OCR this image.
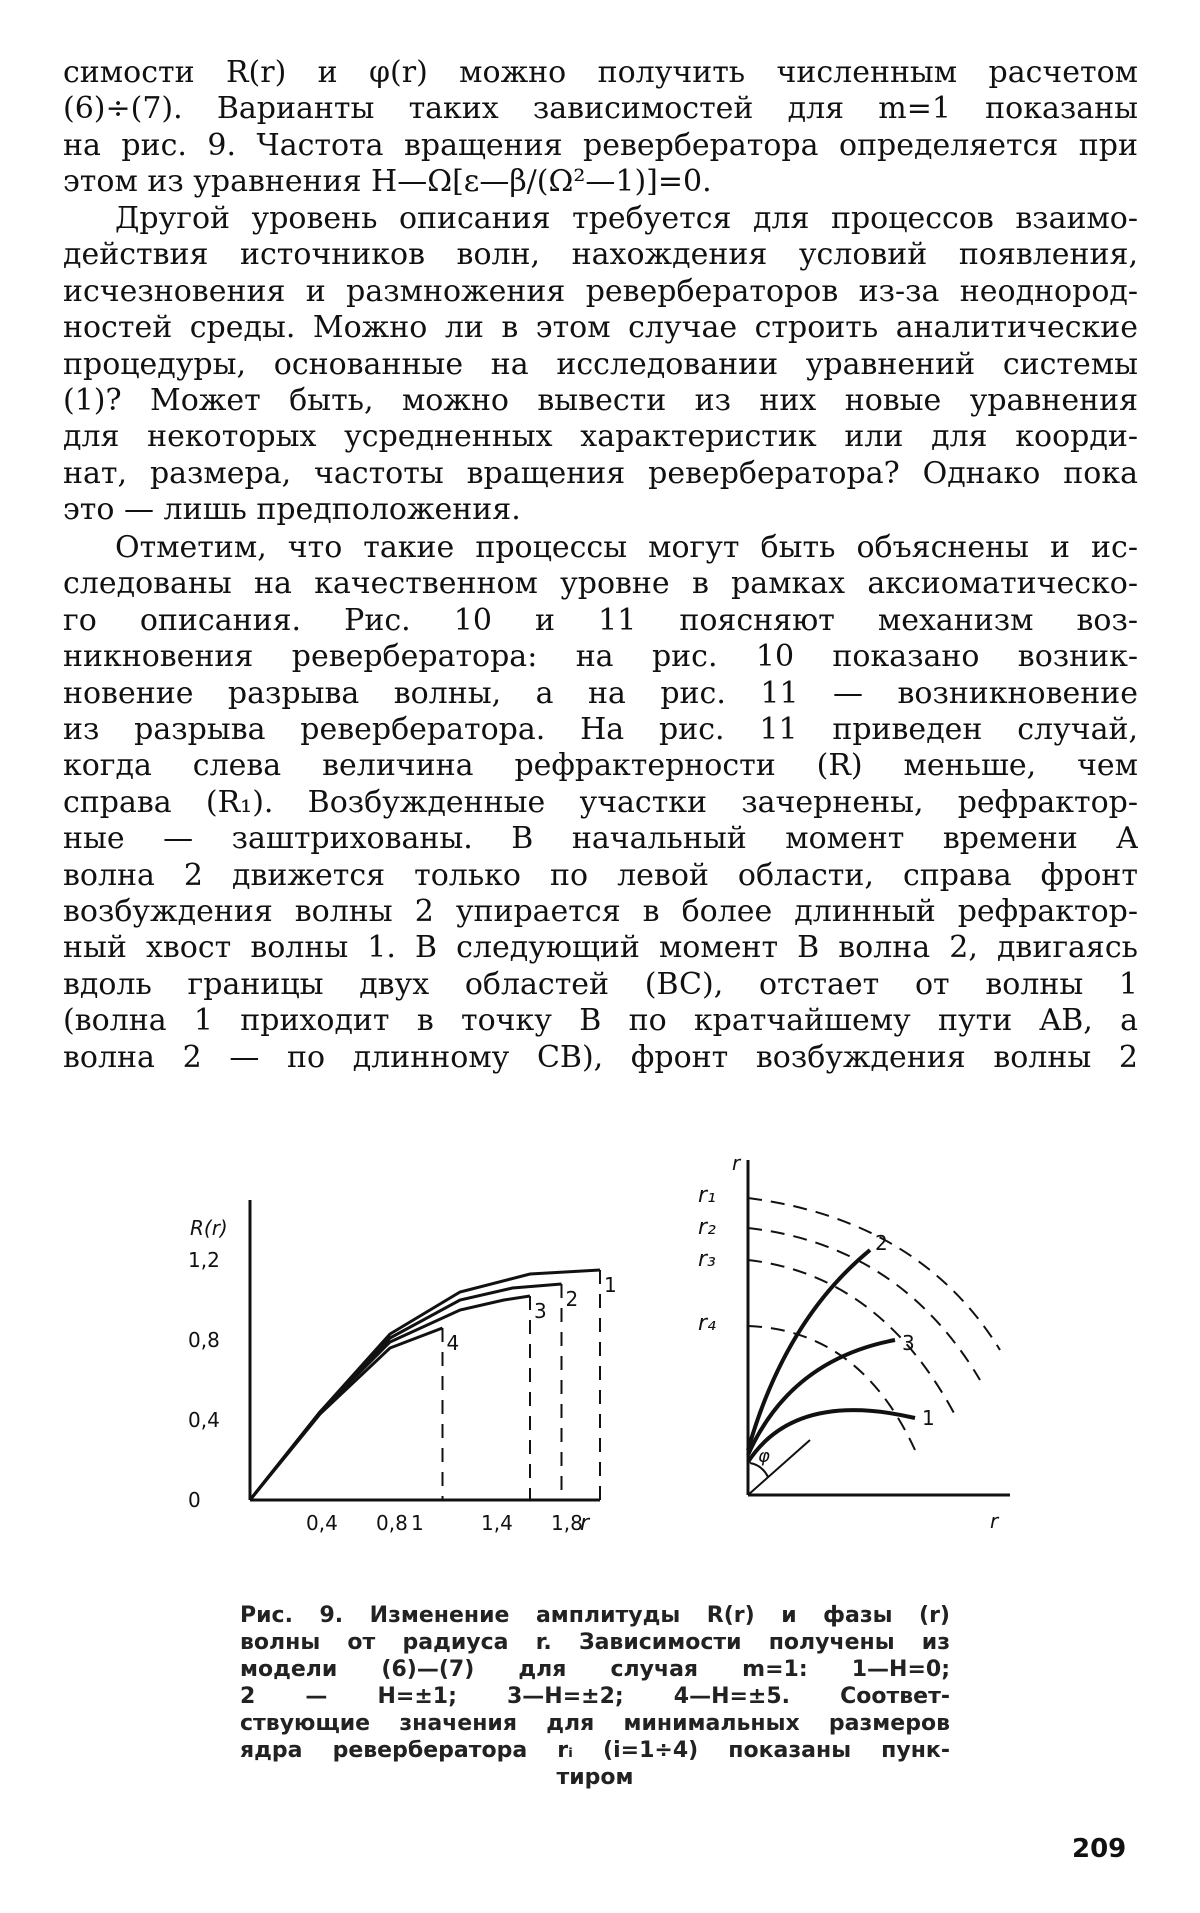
симости R(r) и φ(r) можно получить численным расчетом
(6)÷(7). Варианты таких зависимостей для m=1 показаны
на рис. 9. Частота вращения ревербератора определяется при
этом из уравнения H—Ω[ε—β/(Ω²—1)]=0.
Другой уровень описания требуется для процессов взаимо-
действия источников волн, нахождения условий появления,
исчезновения и размножения ревербераторов из-за неоднород-
ностей среды. Можно ли в этом случае строить аналитические
процедуры, основанные на исследовании уравнений системы
(1)? Может быть, можно вывести из них новые уравнения
для некоторых усредненных характеристик или для коорди-
нат, размера, частоты вращения ревербератора? Однако пока
это — лишь предположения.
Отметим, что такие процессы могут быть объяснены и ис-
следованы на качественном уровне в рамках аксиоматическо-
го описания. Рис. 10 и 11 поясняют механизм воз-
никновения ревербератора: на рис. 10 показано возник-
новение разрыва волны, а на рис. 11 — возникновение
из разрыва ревербератора. На рис. 11 приведен случай,
когда слева величина рефрактерности (R) меньше, чем
справа (R₁). Возбужденные участки зачернены, рефрактор-
ные — заштрихованы. В начальный момент времени A
волна 2 движется только по левой области, справа фронт
возбуждения волны 2 упирается в более длинный рефрактор-
ный хвост волны 1. В следующий момент B волна 2, двигаясь
вдоль границы двух областей (BC), отстает от волны 1
(волна 1 приходит в точку B по кратчайшему пути AB, а
волна 2 — по длинному CB), фронт возбуждения волны 2
R(r)
0
0,4
0,8
1,2
0,4 0,8 1	1,4 1,8
r
1
2
3
4
r
r
r₁
r₂
r₃
r₄
2
3
1
φ
Рис. 9. Изменение амплитуды R(r) и фазы (r)
волны от радиуса r. Зависимости получены из
модели (6)—(7) для случая m=1: 1—H=0;
2 — H=±1; 3—H=±2; 4—H=±5. Соответ-
ствующие значения для минимальных размеров
ядра ревербератора rᵢ (i=1÷4) показаны пунк-
тиром
209
